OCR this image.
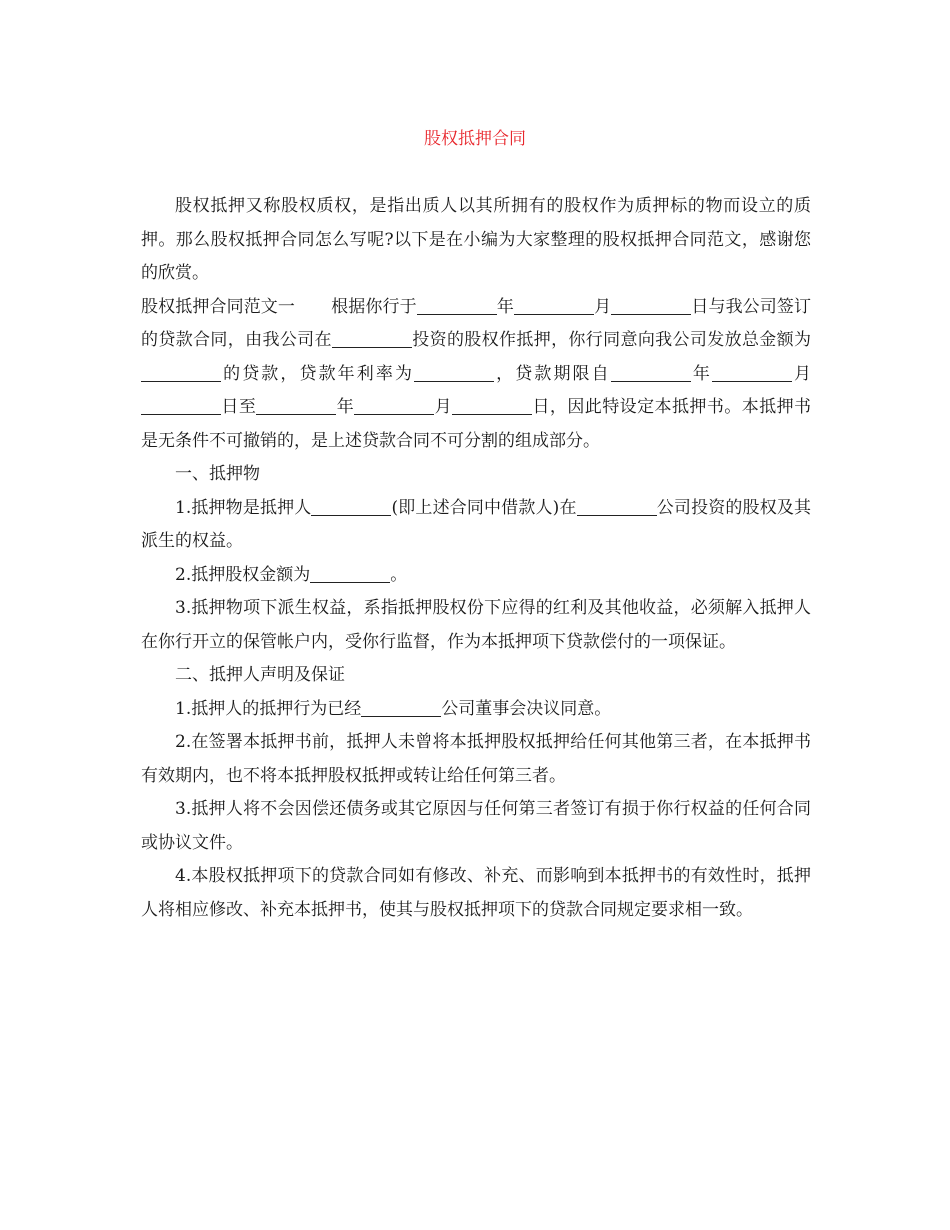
股权抵押合同

股权抵押又称股权质权，是指出质人以其所拥有的股权作为质押标的物而设立的质押。那么股权抵押合同怎么写呢?以下是在小编为大家整理的股权抵押合同范文，感谢您的欣赏。

股权抵押合同范文一 根据你行于	年	月	日与我公司签订的贷款合同，由我公司在	投资的股权作抵押，你行同意向我公司发放总金额为的贷款，贷款年利率为	，贷款期限自	年	月日至	年	月	日，因此特设定本抵押书。本抵押书是无条件不可撤销的，是上述贷款合同不可分割的组成部分。

一、抵押物

1.抵押物是抵押人	(即上述合同中借款人)在	公司投资的股权及其派生的权益。

2.抵押股权金额为	。

3.抵押物项下派生权益，系指抵押股权份下应得的红利及其他收益，必须解入抵押人在你行开立的保管帐户内，受你行监督，作为本抵押项下贷款偿付的一项保证。

二、抵押人声明及保证

1.抵押人的抵押行为已经	公司董事会决议同意。

2.在签署本抵押书前，抵押人未曾将本抵押股权抵押给任何其他第三者，在本抵押书有效期内，也不将本抵押股权抵押或转让给任何第三者。

3.抵押人将不会因偿还债务或其它原因与任何第三者签订有损于你行权益的任何合同或协议文件。

4.本股权抵押项下的贷款合同如有修改、补充、而影响到本抵押书的有效性时，抵押人将相应修改、补充本抵押书，使其与股权抵押项下的贷款合同规定要求相一致。
